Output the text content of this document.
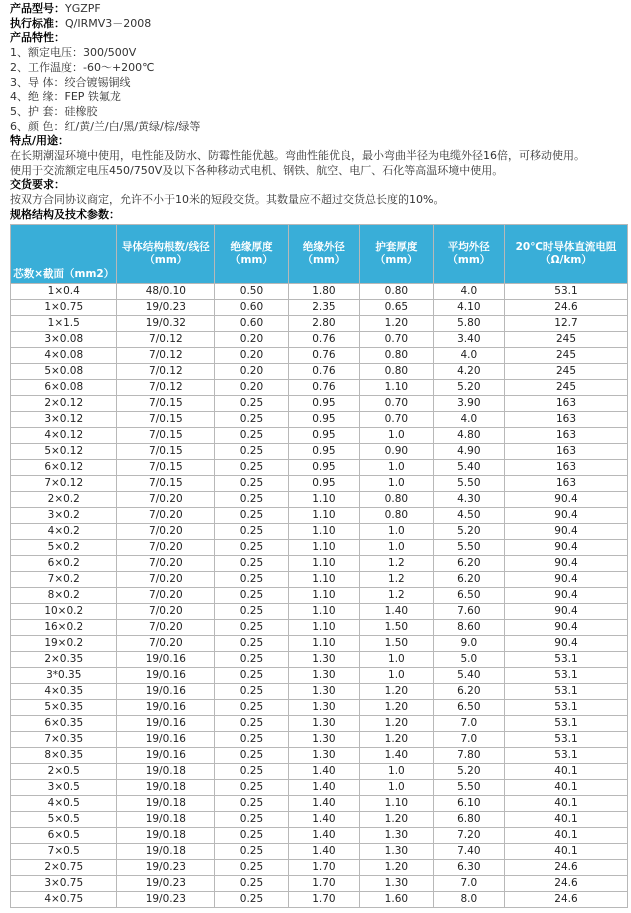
产品型号：YGZPF
执行标准：Q/IRMV3－2008
产品特性：
1、额定电压：300/500V
2、工作温度：-60～+200℃
3、导 体：绞合镀锡铜线
4、绝 缘：FEP 铁氟龙
5、护 套：硅橡胶
6、颜 色：红/黄/兰/白/黑/黄绿/棕/绿等
特点/用途：
在长期潮湿环境中使用，电性能及防水、防霉性能优越。弯曲性能优良，最小弯曲半径为电缆外径16倍，可移动使用。
使用于交流额定电压450/750V及以下各种移动式电机、钢铁、航空、电厂、石化等高温环境中使用。
交货要求：
按双方合同协议商定，允许不小于10米的短段交货。其数量应不超过交货总长度的10%。
规格结构及技术参数：
芯数×截面（mm2）	导体结构根数/线径（mm）	绝缘厚度（mm）	绝缘外径（mm）	护套厚度（mm）	平均外径（mm）	20℃时导体直流电阻（Ω/km）
1×0.4	48/0.10	0.50	1.80	0.80	4.0	53.1
1×0.75	19/0.23	0.60	2.35	0.65	4.10	24.6
1×1.5	19/0.32	0.60	2.80	1.20	5.80	12.7
3×0.08	7/0.12	0.20	0.76	0.70	3.40	245
4×0.08	7/0.12	0.20	0.76	0.80	4.0	245
5×0.08	7/0.12	0.20	0.76	0.80	4.20	245
6×0.08	7/0.12	0.20	0.76	1.10	5.20	245
2×0.12	7/0.15	0.25	0.95	0.70	3.90	163
3×0.12	7/0.15	0.25	0.95	0.70	4.0	163
4×0.12	7/0.15	0.25	0.95	1.0	4.80	163
5×0.12	7/0.15	0.25	0.95	0.90	4.90	163
6×0.12	7/0.15	0.25	0.95	1.0	5.40	163
7×0.12	7/0.15	0.25	0.95	1.0	5.50	163
2×0.2	7/0.20	0.25	1.10	0.80	4.30	90.4
3×0.2	7/0.20	0.25	1.10	0.80	4.50	90.4
4×0.2	7/0.20	0.25	1.10	1.0	5.20	90.4
5×0.2	7/0.20	0.25	1.10	1.0	5.50	90.4
6×0.2	7/0.20	0.25	1.10	1.2	6.20	90.4
7×0.2	7/0.20	0.25	1.10	1.2	6.20	90.4
8×0.2	7/0.20	0.25	1.10	1.2	6.50	90.4
10×0.2	7/0.20	0.25	1.10	1.40	7.60	90.4
16×0.2	7/0.20	0.25	1.10	1.50	8.60	90.4
19×0.2	7/0.20	0.25	1.10	1.50	9.0	90.4
2×0.35	19/0.16	0.25	1.30	1.0	5.0	53.1
3*0.35	19/0.16	0.25	1.30	1.0	5.40	53.1
4×0.35	19/0.16	0.25	1.30	1.20	6.20	53.1
5×0.35	19/0.16	0.25	1.30	1.20	6.50	53.1
6×0.35	19/0.16	0.25	1.30	1.20	7.0	53.1
7×0.35	19/0.16	0.25	1.30	1.20	7.0	53.1
8×0.35	19/0.16	0.25	1.30	1.40	7.80	53.1
2×0.5	19/0.18	0.25	1.40	1.0	5.20	40.1
3×0.5	19/0.18	0.25	1.40	1.0	5.50	40.1
4×0.5	19/0.18	0.25	1.40	1.10	6.10	40.1
5×0.5	19/0.18	0.25	1.40	1.20	6.80	40.1
6×0.5	19/0.18	0.25	1.40	1.30	7.20	40.1
7×0.5	19/0.18	0.25	1.40	1.30	7.40	40.1
2×0.75	19/0.23	0.25	1.70	1.20	6.30	24.6
3×0.75	19/0.23	0.25	1.70	1.30	7.0	24.6
4×0.75	19/0.23	0.25	1.70	1.60	8.0	24.6
